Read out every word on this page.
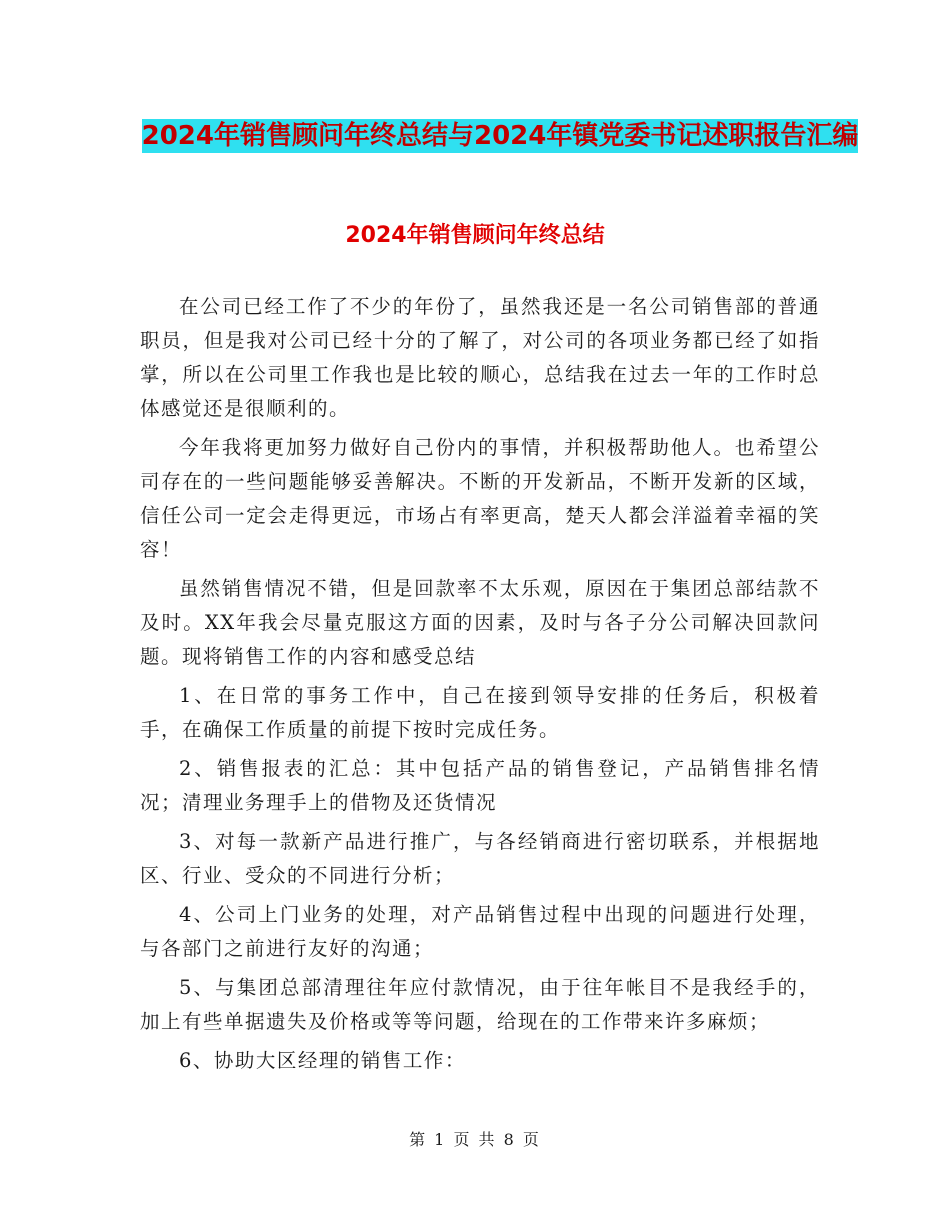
2024年销售顾问年终总结与2024年镇党委书记述职报告汇编
2024年销售顾问年终总结

在公司已经工作了不少的年份了，虽然我还是一名公司销售部的普通职员，但是我对公司已经十分的了解了，对公司的各项业务都已经了如指掌，所以在公司里工作我也是比较的顺心，总结我在过去一年的工作时总体感觉还是很顺利的。

今年我将更加努力做好自己份内的事情，并积极帮助他人。也希望公司存在的一些问题能够妥善解决。不断的开发新品，不断开发新的区域，信任公司一定会走得更远，市场占有率更高，楚天人都会洋溢着幸福的笑容！

虽然销售情况不错，但是回款率不太乐观，原因在于集团总部结款不及时。XX年我会尽量克服这方面的因素，及时与各子分公司解决回款问题。现将销售工作的内容和感受总结

1、在日常的事务工作中，自己在接到领导安排的任务后，积极着手，在确保工作质量的前提下按时完成任务。

2、销售报表的汇总：其中包括产品的销售登记，产品销售排名情况；清理业务理手上的借物及还货情况

3、对每一款新产品进行推广，与各经销商进行密切联系，并根据地区、行业、受众的不同进行分析；

4、公司上门业务的处理，对产品销售过程中出现的问题进行处理，与各部门之前进行友好的沟通；

5、与集团总部清理往年应付款情况，由于往年帐目不是我经手的，加上有些单据遗失及价格或等等问题，给现在的工作带来许多麻烦；

6、协助大区经理的销售工作：

第 1 页 共 8 页
